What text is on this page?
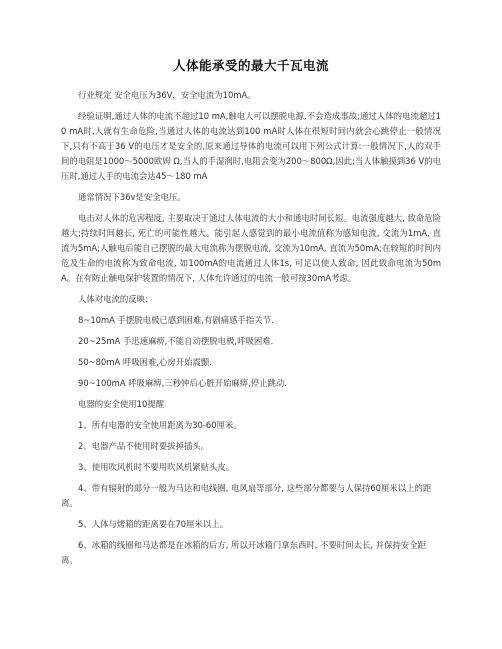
人体能承受的最大千瓦电流

行业规定 安全电压为36V，安全电流为10mA。

经验证明,通过人体的电流不超过10 mA,触电人可以摆脱电源,不会造成事故;通过人体的电流超过10 mA时,人就有生命危险,当通过人体的电流达到100 mA时人体在很短时间内就会心跳停止一般情况下,只有不高于36 V的电压才是安全的,原来通过导体的电流可以用下列公式计算:一般情况下,人的双手间的电阻是1000～5000欧姆 Ω,当人的手湿润时,电阻会变为200～800Ω,因此;当人体触摸到36 V的电压时,通过人手的电流会达45～180 mA

通常情况下36v是安全电压。

电击对人体的危害程度, 主要取决于通过人体电流的大小和通电时间长短。电流强度越大, 致命危险越大;持续时间越长, 死亡的可能性越大。能引起人感觉到的最小电流值称为感知电流, 交流为1mA, 直流为5mA;人触电后能自己摆脱的最大电流称为摆脱电流, 交流为10mA, 直流为50mA;在较短的时间内危及生命的电流称为致命电流, 如100mA的电流通过人体1s, 可足以使人致命, 因此致命电流为50mA。在有防止触电保护装置的情况下, 人体允许通过的电流一般可按30mA考虑。

人体对电流的反映:

8~10mA 手摆脱电极已感到困难,有剧痛感手指关节.

20~25mA 手迅速麻痹,不能自动摆脱电极,呼吸困难.

50~80mA 呼吸困难,心房开始震颤.

90~100mA 呼吸麻痹,三秒钟后心脏开始麻痹,停止跳动.

电器的安全使用10提醒

1、所有电器的安全使用距离为30-60厘米。

2、电器产品不使用时要拔掉插头。

3、使用吹风机时不要用吹风机紧贴头皮。

4、带有辐射的部分一般为马达和电线圈, 电风扇等部分, 这些部分都要与人保持60厘米以上的距离。

5、人体与烤箱的距离要在70厘米以上。

6、冰箱的线圈和马达都是在冰箱的后方, 所以开冰箱门拿东西时, 不要时间太长, 并保持安全距离。
